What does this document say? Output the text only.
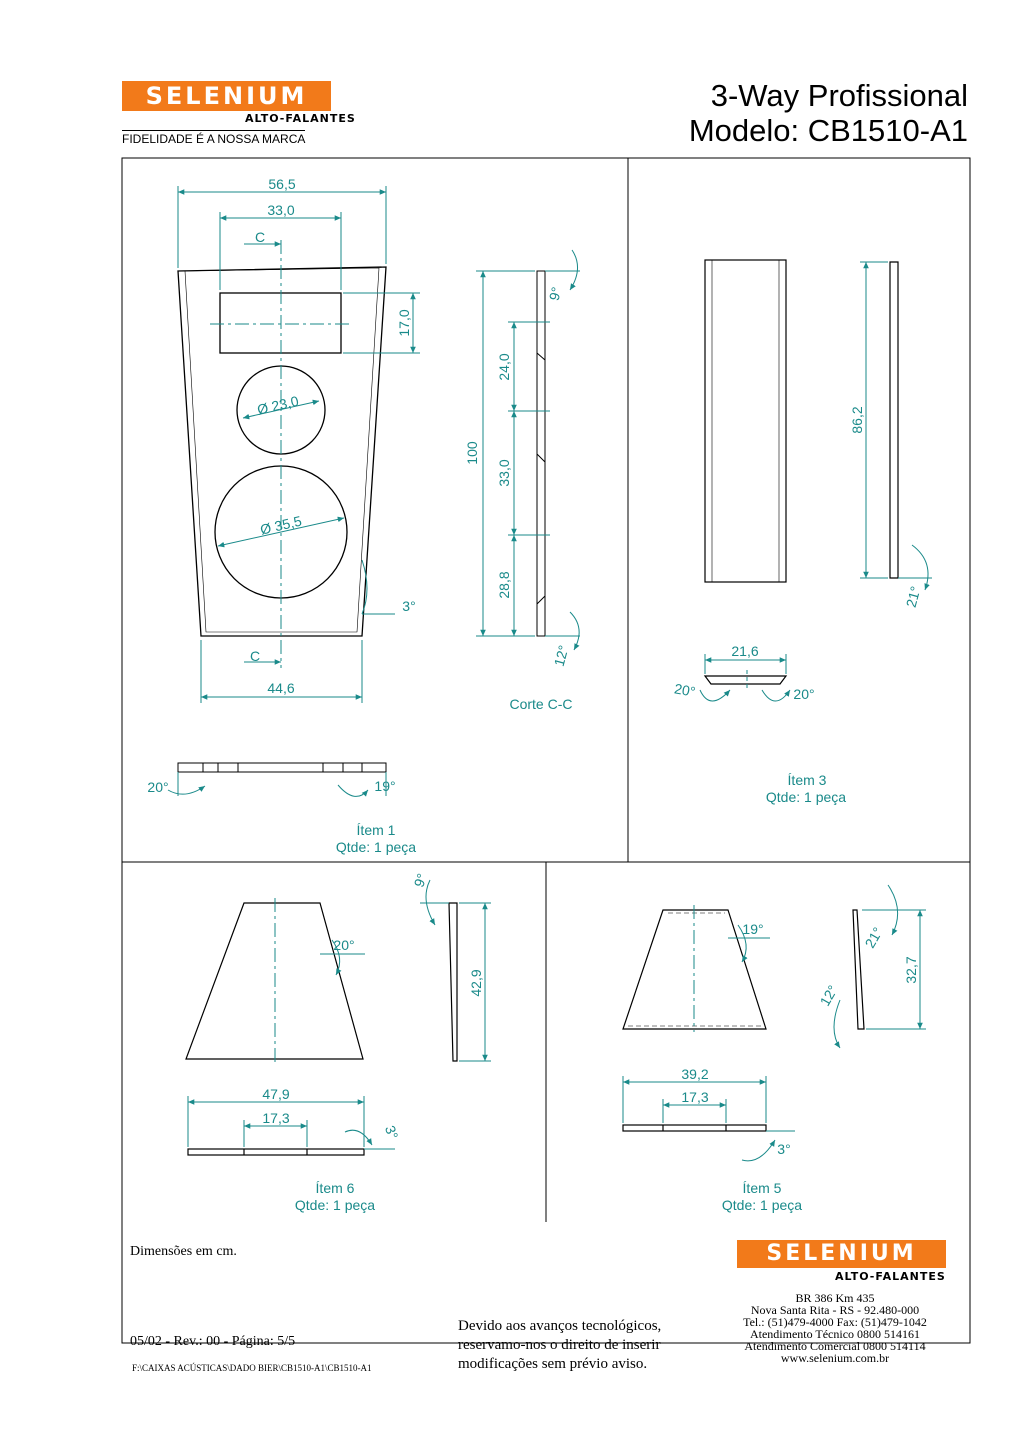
SELENIUM
ALTO-FALANTES
FIDELIDADE É A NOSSA MARCA
3-Way Profissional
Modelo: CB1510-A1
56,5
33,0
44,6
17,0
Ø 23,0
Ø 35,5
3°
20°	19°
100
24,0
33,0
28,8
9°
12°
86,2
21,6
20°	20°
21°
42,9
47,9
17,3
9°
20°
3°
32,7
39,2
17,3
19°	21°
12°
3°
C
C
Corte C-C
Ítem 1
Qtde: 1 peça
Ítem 3
Qtde: 1 peça
Ítem 6
Qtde: 1 peça
Ítem 5
Qtde: 1 peça
Dimensões em cm.
05/02 - Rev.: 00 - Página: 5/5
F:\CAIXAS ACÚSTICAS\DADO BIER\CB1510-A1\CB1510-A1
Devido aos avanços tecnológicos,
reservamo-nos o direito de inserir
modificações sem prévio aviso.
SELENIUM
ALTO-FALANTES
BR 386 Km 435
Nova Santa Rita - RS - 92.480-000
Tel.: (51)479-4000 Fax: (51)479-1042
Atendimento Técnico 0800 514161
Atendimento Comercial 0800 514114
www.selenium.com.br
